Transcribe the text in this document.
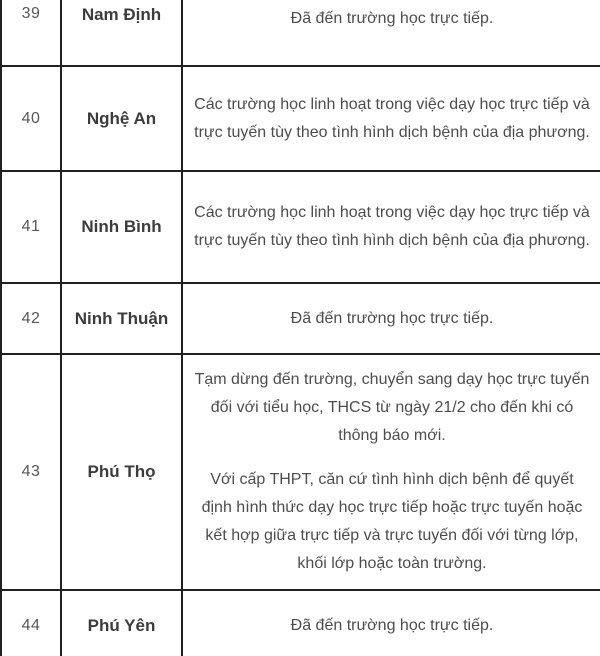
39	Nam Định	Đã đến trường học trực tiếp.

40	Nghệ An	Các trường học linh hoạt trong việc dạy học trực tiếp và trực tuyến tùy theo tình hình dịch bệnh của địa phương.

41	Ninh Bình	Các trường học linh hoạt trong việc dạy học trực tiếp và trực tuyến tùy theo tình hình dịch bệnh của địa phương.

42	Ninh Thuận	Đã đến trường học trực tiếp.

43	Phú Thọ	Tạm dừng đến trường, chuyển sang dạy học trực tuyến đối với tiểu học, THCS từ ngày 21/2 cho đến khi có thông báo mới.

Với cấp THPT, căn cứ tình hình dịch bệnh để quyết định hình thức dạy học trực tiếp hoặc trực tuyến hoặc kết hợp giữa trực tiếp và trực tuyến đối với từng lớp, khối lớp hoặc toàn trường.

44	Phú Yên	Đã đến trường học trực tiếp.
